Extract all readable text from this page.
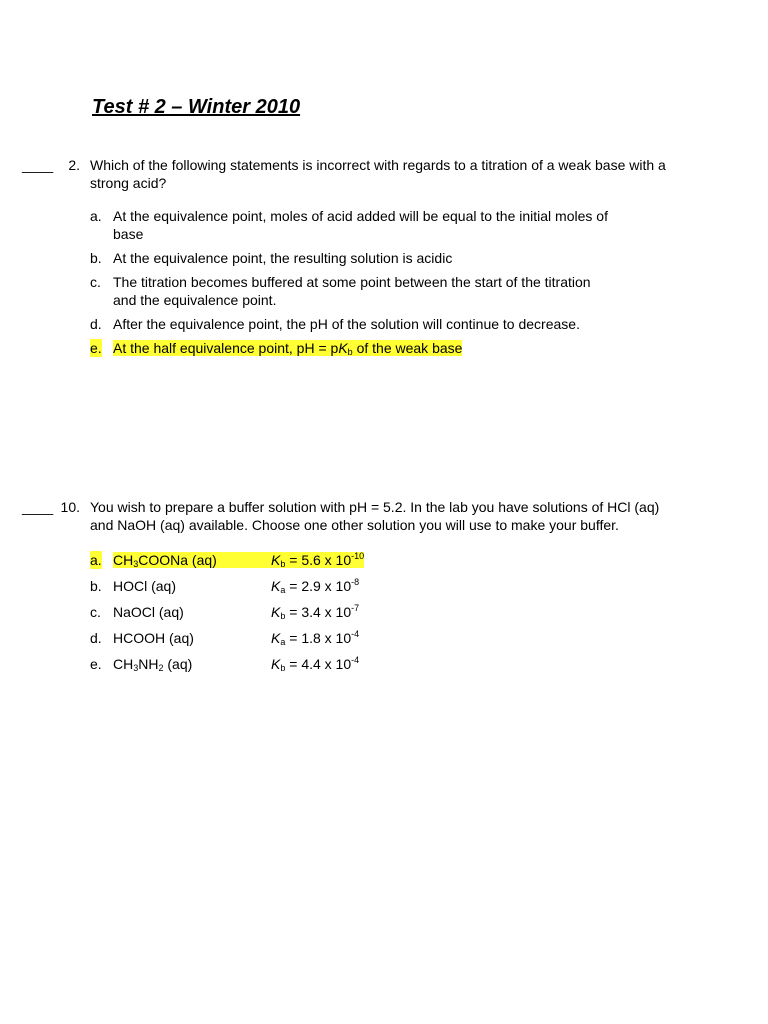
Test # 2 – Winter 2010
____	2. Which of the following statements is incorrect with regards to a titration of a weak base with a strong acid?
a. At the equivalence point, moles of acid added will be equal to the initial moles of base
b. At the equivalence point, the resulting solution is acidic
c. The titration becomes buffered at some point between the start of the titration and the equivalence point.
d. After the equivalence point, the pH of the solution will continue to decrease.
e. At the half equivalence point, pH = $pK_b$ of the weak base
____ 10. You wish to prepare a buffer solution with pH = 5.2. In the lab you have solutions of HCl (aq) and NaOH (aq) available. Choose one other solution you will use to make your buffer.
a. $CH_3COONa$ (aq)	$K_b = 5.6$ x $10^{-10}$
b. HOCl (aq)	$K_a = 2.9$ x $10^{-8}$
c. NaOCl (aq)	$K_b = 3.4$ x $10^{-7}$
d. HCOOH (aq)	$K_a = 1.8$ x $10^{-4}$
e. $CH_3NH_2$ (aq)	$K_b = 4.4$ x $10^{-4}$
